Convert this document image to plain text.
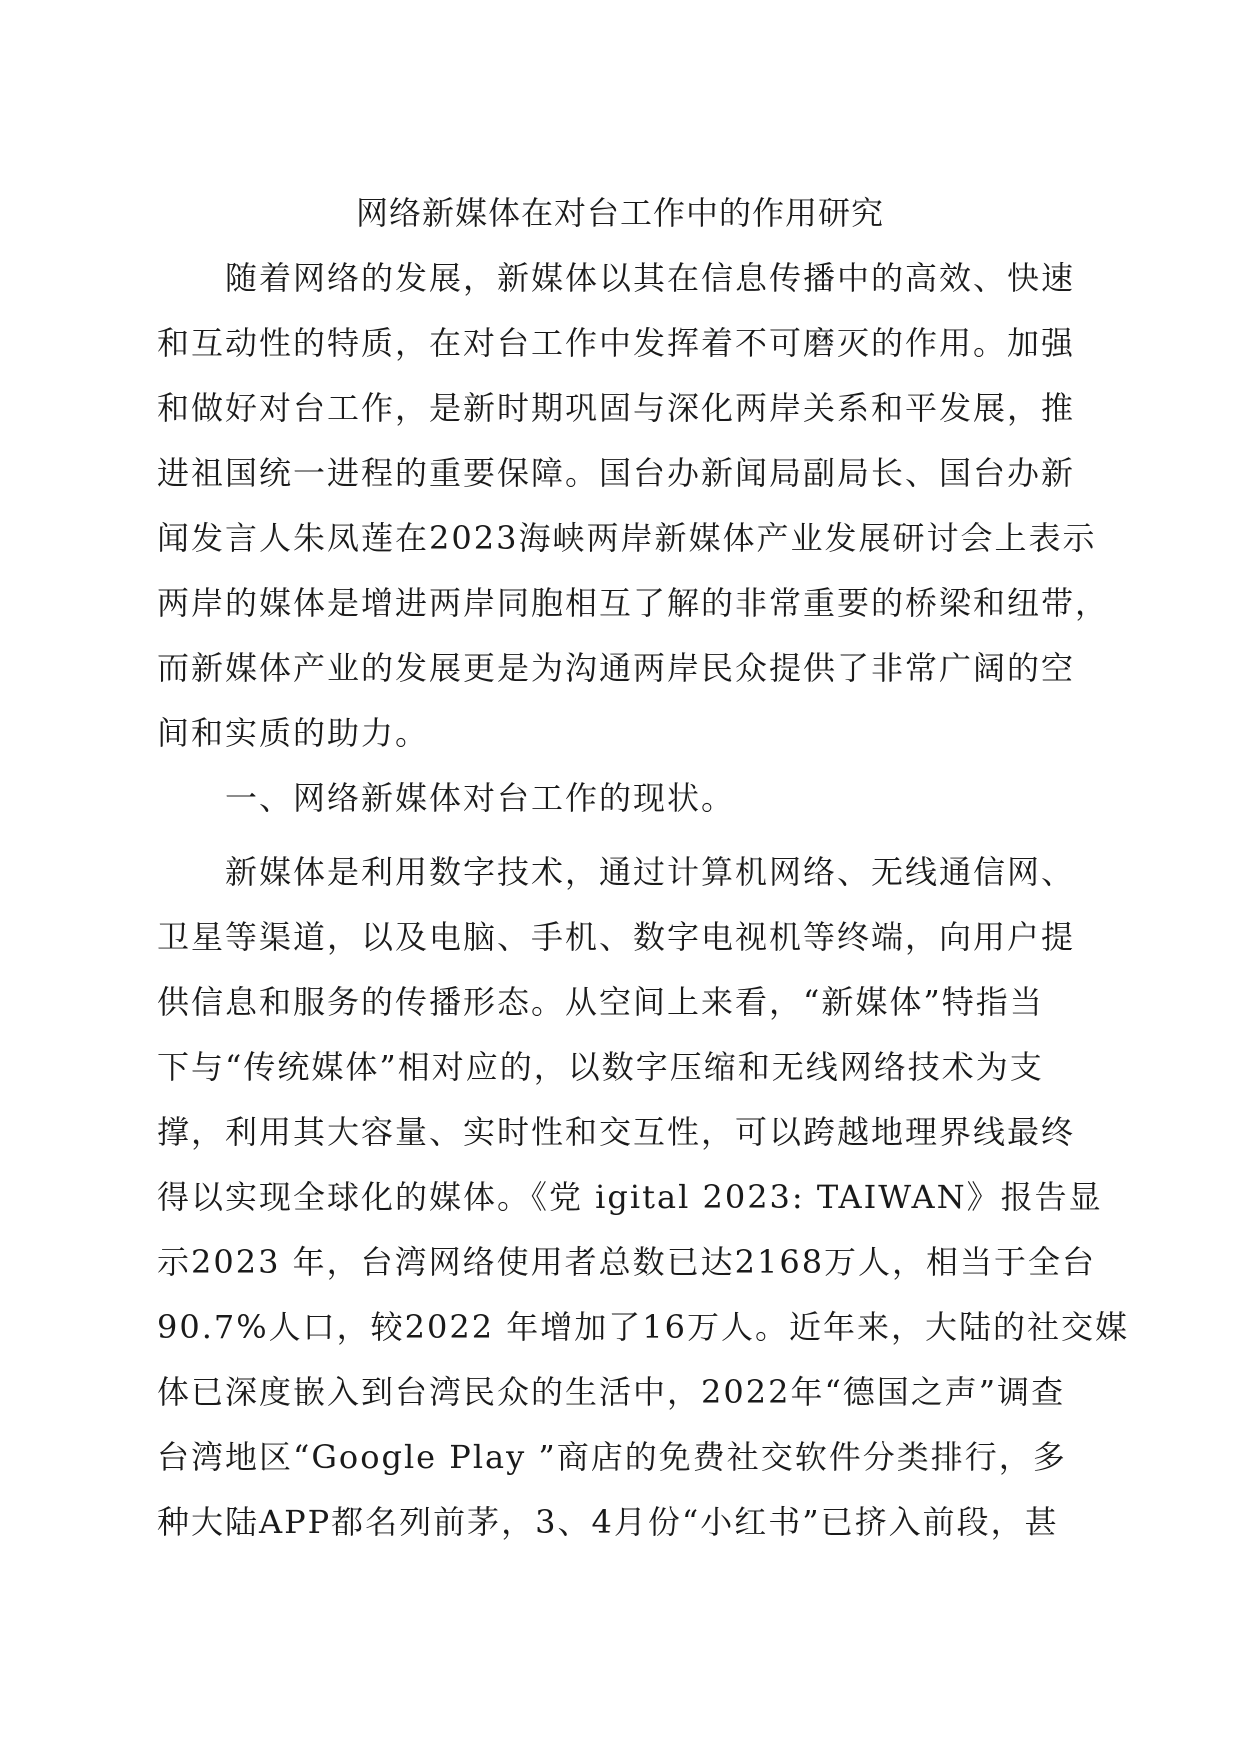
网络新媒体在对台工作中的作用研究
随着网络的发展，新媒体以其在信息传播中的高效、快速
和互动性的特质，在对台工作中发挥着不可磨灭的作用。加强
和做好对台工作，是新时期巩固与深化两岸关系和平发展，推
进祖国统一进程的重要保障。国台办新闻局副局长、国台办新
闻发言人朱凤莲在2023海峡两岸新媒体产业发展研讨会上表示
两岸的媒体是增进两岸同胞相互了解的非常重要的桥梁和纽带，
而新媒体产业的发展更是为沟通两岸民众提供了非常广阔的空
间和实质的助力。
一、网络新媒体对台工作的现状。
新媒体是利用数字技术，通过计算机网络、无线通信网、
卫星等渠道，以及电脑、手机、数字电视机等终端，向用户提
供信息和服务的传播形态。从空间上来看，“新媒体”特指当
下与“传统媒体”相对应的，以数字压缩和无线网络技术为支
撑，利用其大容量、实时性和交互性，可以跨越地理界线最终
得以实现全球化的媒体。《党 igital 2023: TAIWAN》报告显
示2023 年，台湾网络使用者总数已达2168万人，相当于全台
90.7%人口，较2022 年增加了16万人。近年来，大陆的社交媒
体已深度嵌入到台湾民众的生活中，2022年“德国之声”调查
台湾地区“Google Play ”商店的免费社交软件分类排行，多
种大陆APP都名列前茅，3、4月份“小红书”已挤入前段，甚
